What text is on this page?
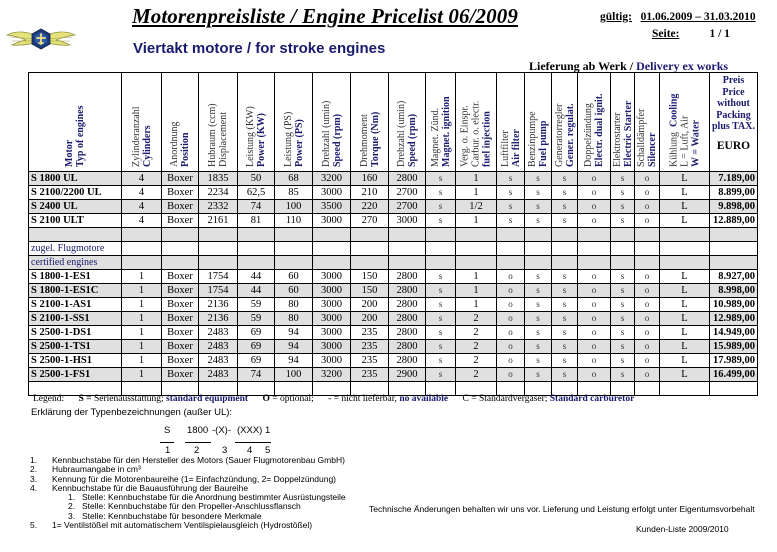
Motorenpreisliste / Engine Pricelist 06/2009
Viertakt motore / for stroke engines
gültig: 01.06.2009 – 31.03.2010
Seite:	1 / 1
Lieferung ab Werk / Delivery ex works
Motor Typ of engines	Zylinderanzahl Cylinders	Anordnung Position	Hubraum (ccm) Displacement	Leistung (KW) Power (KW)	Leistung (PS) Power (PS)	Drehzahl (umin) Speed (rpm)	Drehmoment Torque (Nm)	Drehzahl (umin) Speed (rpm)	Magnet. Zünd. Magnet. ignition	Verg. o. Einspr. Carbur. o. electr. fuel injection	Luftfilter Air filter	Benzinpumpe Fuel pump	Generatorregler Gener. regulat.	Doppelzündung Electr. dual ignit.	Elektrostarter Electric Starter	Schalldämpfer Silencer	Kühlung  Cooling
L = Luft, Air W = Water

Preis
Price
without
Packing
plus TAX.
EURO

S 1800 UL	4	Boxer	1835	50	68	3200	160	2800	s	1	s	s	s	o	s	o	L	7.189,00
S 2100/2200 UL	4	Boxer	2234	62,5	85	3000	210	2700	s	1	s	s	s	o	s	o	L	8.899,00
S 2400 UL	4	Boxer	2332	74	100	3500	220	2700	s	1/2	s	s	s	o	s	o	L	9.898,00
S 2100 ULT	4	Boxer	2161	81	110	3000	270	3000	s	1	s	s	s	o	s	o	L	12.889,00

zugel. Flugmotore																		
certified engines																		
S 1800-1-ES1	1	Boxer	1754	44	60	3000	150	2800	s	1	o	s	s	o	s	o	L	8.927,00
S 1800-1-ES1C	1	Boxer	1754	44	60	3000	150	2800	s	1	o	s	s	o	s	o	L	8.998,00
S 2100-1-AS1	1	Boxer	2136	59	80	3000	200	2800	s	1	o	s	s	o	s	o	L	10.989,00
S 2100-1-SS1	1	Boxer	2136	59	80	3000	200	2800	s	2	o	s	s	o	s	o	L	12.989,00
S 2500-1-DS1	1	Boxer	2483	69	94	3000	235	2800	s	2	o	s	s	o	s	o	L	14.949,00
S 2500-1-TS1	1	Boxer	2483	69	94	3000	235	2800	s	2	o	s	s	o	s	o	L	15.989,00
S 2500-1-HS1	1	Boxer	2483	69	94	3000	235	2800	s	2	o	s	s	o	s	o	L	17.989,00
S 2500-1-FS1	1	Boxer	2483	74	100	3200	235	2900	s	2	o	s	s	o	s	o	L	16.499,00

Legend: S = Serienausstattung; standard equipment O = optional; - = nicht lieferbar, no available C = Standardvergaser; Standard carburetor
Erklärung der Typenbezeichnungen (außer UL):
S
1
1800
2
-(X)-
3
(XXX)
4
1
5
1. Kennbuchstabe für den Hersteller des Motors (Sauer Flugmotorenbau GmbH)
2. Hubraumangabe in cm³
3. Kennung für die Motorenbaureihe (1= Einfachzündung, 2= Doppelzündung)
4. Kennbuchstabe für die Bauausführung der Baureihe
1. Stelle: Kennbuchstabe für die Anordnung bestimmter Ausrüstungsteile
2. Stelle: Kennbuchstabe für den Propeller-Anschlussflansch
3. Stelle: Kennbuchstabe für besondere Merkmale
5. 1= Ventilstößel mit automatischem Ventilspielausgleich (Hydrostößel)
Technische Änderungen behalten wir uns vor. Lieferung und Leistung erfolgt unter Eigentumsvorbehalt
Kunden-Liste 2009/2010
